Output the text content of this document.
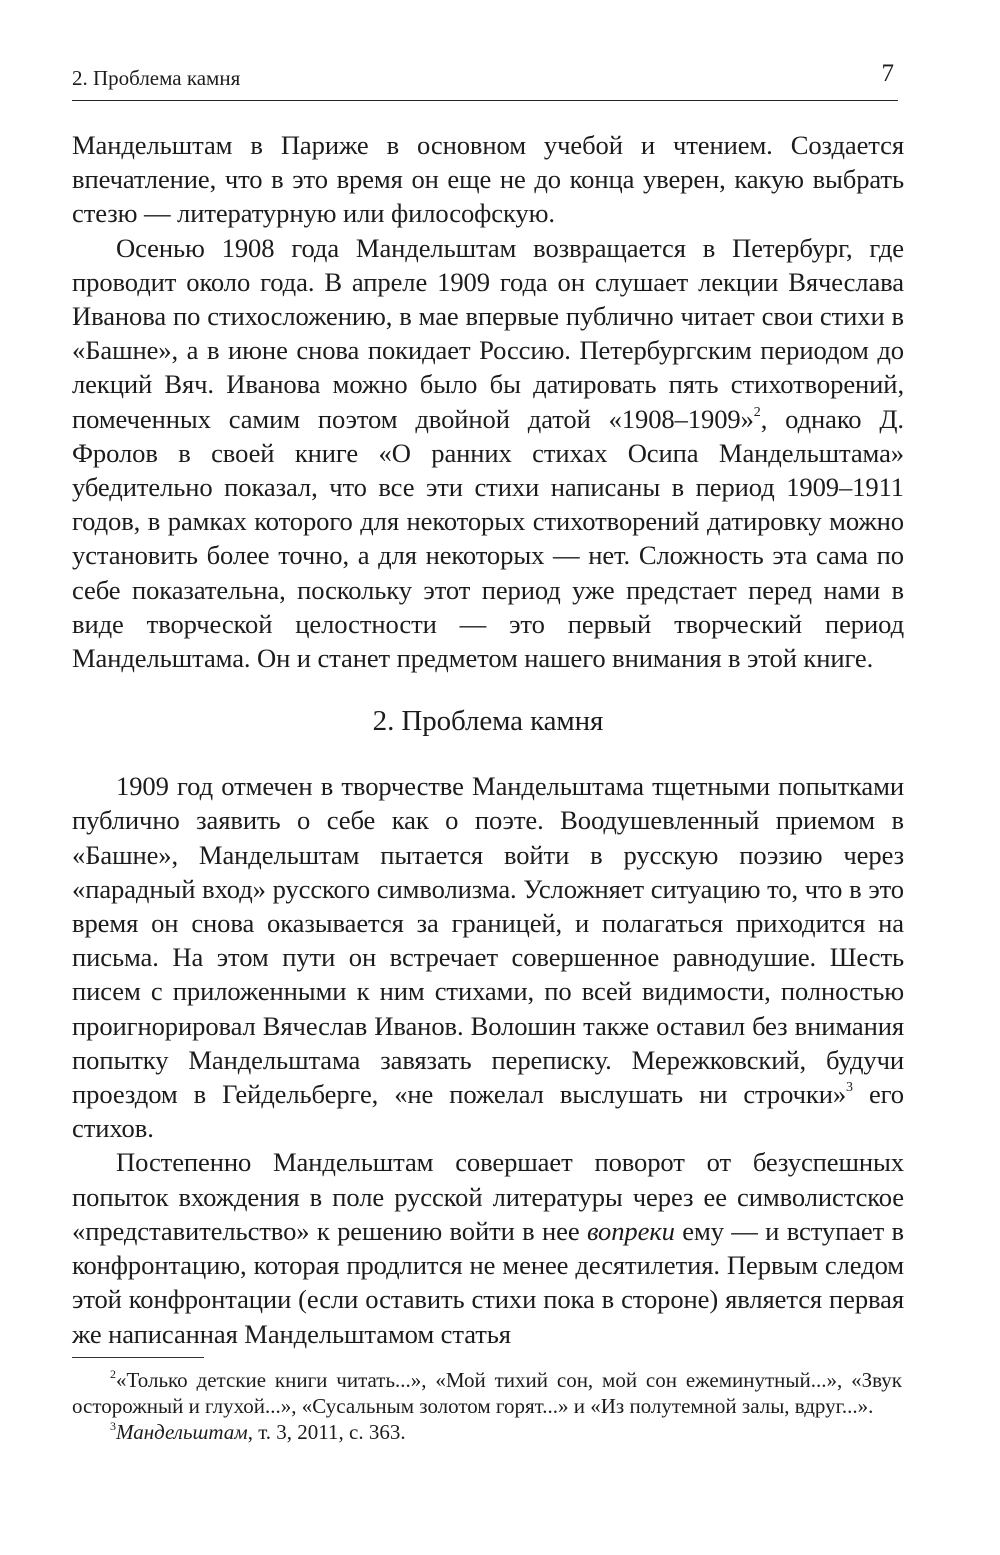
2. Проблема камня	7

Мандельштам в Париже в основном учебой и чтением. Создается впечатление, что в это время он еще не до конца уверен, какую выбрать стезю — литературную или философскую.

Осенью 1908 года Мандельштам возвращается в Петербург, где проводит около года. В апреле 1909 года он слушает лекции Вячеслава Иванова по стихосложению, в мае впервые публично читает свои стихи в «Башне», а в июне снова покидает Россию. Петербургским периодом до лекций Вяч. Иванова можно было бы датировать пять стихотворений, помеченных самим поэтом двойной датой «1908–1909»$^2$, однако Д. Фролов в своей книге «О ранних стихах Осипа Мандельштама» убедительно показал, что все эти стихи написаны в период 1909–1911 годов, в рамках которого для некоторых стихотворений датировку можно установить более точно, а для некоторых — нет. Сложность эта сама по себе показательна, поскольку этот период уже предстает перед нами в виде творческой целостности — это первый творческий период Мандельштама. Он и станет предметом нашего внимания в этой книге.

2. Проблема камня

1909 год отмечен в творчестве Мандельштама тщетными попытками публично заявить о себе как о поэте. Воодушевленный приемом в «Башне», Мандельштам пытается войти в русскую поэзию через «парадный вход» русского символизма. Усложняет ситуацию то, что в это время он снова оказывается за границей, и полагаться приходится на письма. На этом пути он встречает совершенное равнодушие. Шесть писем с приложенными к ним стихами, по всей видимости, полностью проигнорировал Вячеслав Иванов. Волошин также оставил без внимания попытку Мандельштама завязать переписку. Мережковский, будучи проездом в Гейдельберге, «не пожелал выслушать ни строчки»$^3$ его стихов.

Постепенно Мандельштам совершает поворот от безуспешных попыток вхождения в поле русской литературы через ее символистское «представительство» к решению войти в нее вопреки ему — и вступает в конфронтацию, которая продлится не менее десятилетия. Первым следом этой конфронтации (если оставить стихи пока в стороне) является первая же написанная Мандельштамом статья

$^2$«Только детские книги читать...», «Мой тихий сон, мой сон ежеминутный...», «Звук осторожный и глухой...», «Сусальным золотом горят...» и «Из полутемной залы, вдруг...».

$^3$Мандельштам, т. 3, 2011, с. 363.
